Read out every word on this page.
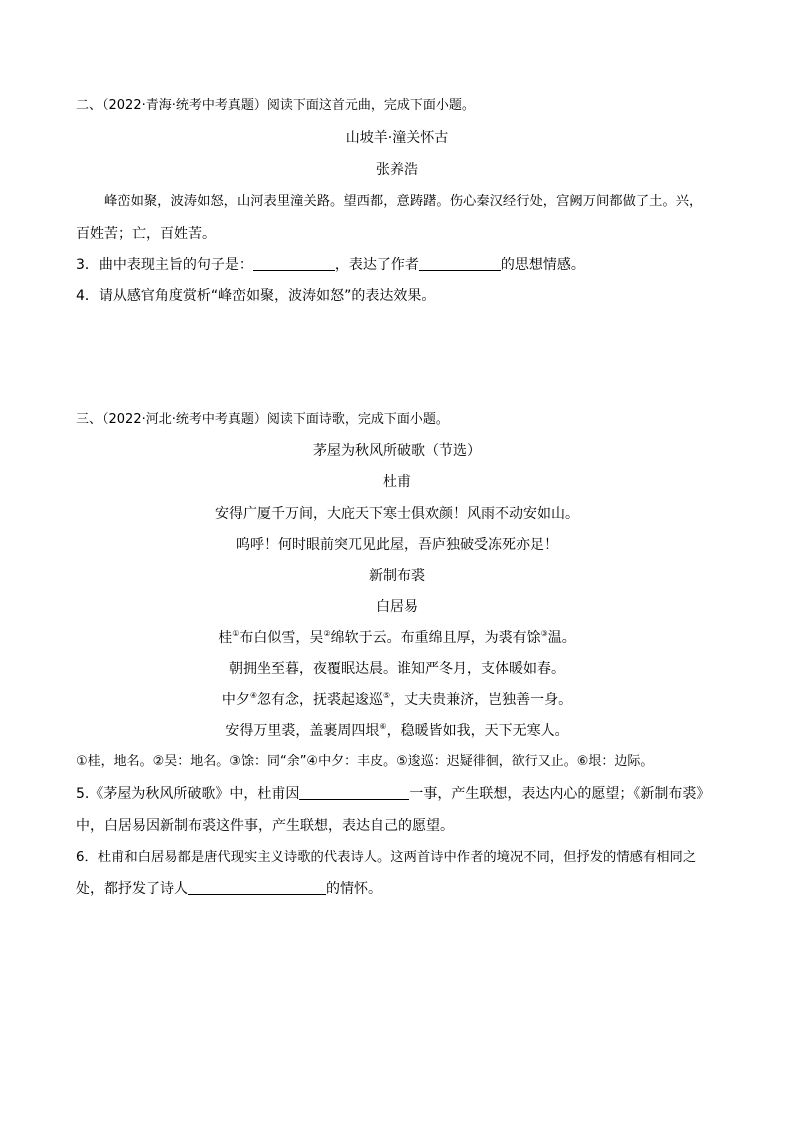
二、（2022·青海·统考中考真题）阅读下面这首元曲，完成下面小题。
山坡羊·潼关怀古
张养浩
峰峦如聚，波涛如怒，山河表里潼关路。望西都，意踌躇。伤心秦汉经行处，宫阙万间都做了土。兴，
百姓苦；亡，百姓苦。
3．曲中表现主旨的句子是：	，表达了作者	的思想情感。
4．请从感官角度赏析“峰峦如聚，波涛如怒”的表达效果。
三、（2022·河北·统考中考真题）阅读下面诗歌，完成下面小题。
茅屋为秋风所破歌（节选）
杜甫
安得广厦千万间，大庇天下寒士俱欢颜！风雨不动安如山。
呜呼！何时眼前突兀见此屋，吾庐独破受冻死亦足！
新制布裘
白居易
桂①布白似雪，吴②绵软于云。布重绵且厚，为裘有馀③温。
朝拥坐至暮，夜覆眠达晨。谁知严冬月，支体暖如春。
中夕④忽有念，抚裘起逡巡⑤，丈夫贵兼济，岂独善一身。
安得万里裘，盖裹周四垠⑥，稳暖皆如我，天下无寒人。
①桂，地名。②吴：地名。③馀：同“余”④中夕：丰皮。⑤逡巡：迟疑徘徊，欲行又止。⑥垠：边际。
5.《茅屋为秋风所破歌》中，杜甫因	一事，产生联想，表达内心的愿望；《新制布裘》
中，白居易因新制布裘这件事，产生联想，表达自己的愿望。
6．杜甫和白居易都是唐代现实主义诗歌的代表诗人。这两首诗中作者的境况不同，但抒发的情感有相同之
处，都抒发了诗人	的情怀。
